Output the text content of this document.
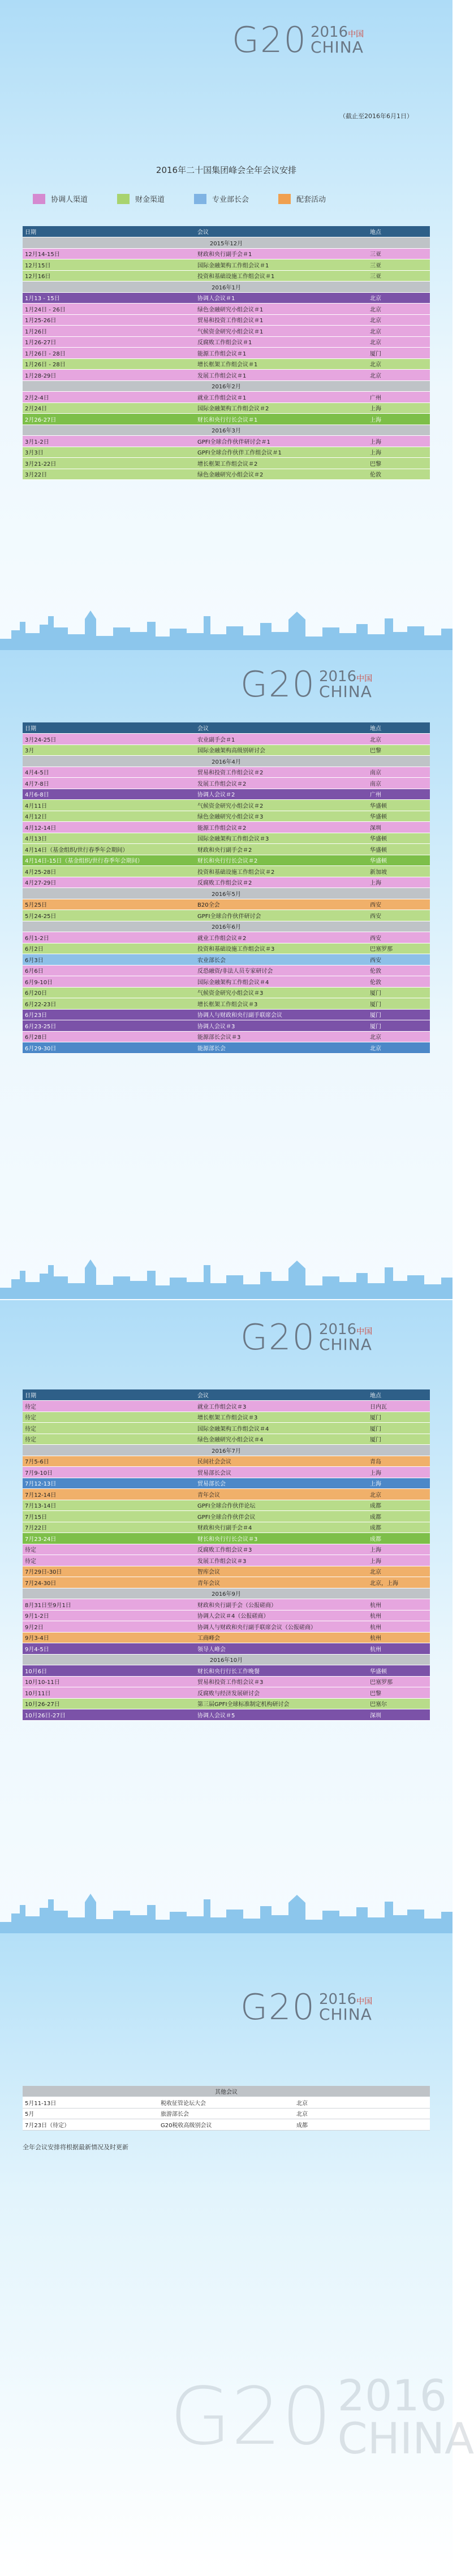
G20 2016中国
CHINA
（截止至2016年6月1日）
2016年二十国集团峰会全年会议安排
协调人渠道	财金渠道	专业部长会	配套活动
日期	会议	地点
2015年12月		
12月14-15日	财政和央行副手会＃1	三亚
12月15日	国际金融架构工作组会议＃1	三亚
12月16日	投资和基础设施工作组会议＃1	三亚
2016年1月		
1月13 - 15日	协调人会议＃1	北京
1月24日 - 26日	绿色金融研究小组会议＃1	北京
1月25-26日	贸易和投资工作组会议＃1	北京
1月26日	气候资金研究小组会议＃1	北京
1月26-27日	反腐败工作组会议＃1	北京
1月26日 - 28日	能源工作组会议＃1	厦门
1月26日 - 28日	增长框架工作组会议＃1	北京
1月28-29日	发展工作组会议＃1	北京
2016年2月		
2月2-4日	就业工作组会议＃1	广州
2月24日	国际金融架构工作组会议＃2	上海
2月26-27日	财长和央行行长会议＃1	上海
2016年3月		
3月1-2日	GPFI全球合作伙伴研讨会＃1	上海
3月3日	GPFI全球合作伙伴工作组会议＃1	上海
3月21-22日	增长框架工作组会议＃2	巴黎
3月22日	绿色金融研究小组会议＃2	伦敦
G20 2016中国
CHINA
日期	会议	地点
3月24-25日	农业副手会＃1	北京
3月	国际金融架构高级别研讨会	巴黎
2016年4月		
4月4-5日	贸易和投资工作组会议＃2	南京
4月7-8日	发展工作组会议＃2	南京
4月6-8日	协调人会议＃2	广州
4月11日	气候资金研究小组会议＃2	华盛顿
4月12日	绿色金融研究小组会议＃3	华盛顿
4月12-14日	能源工作组会议＃2	深圳
4月13日	国际金融架构工作组会议＃3	华盛顿
4月14日（基金组织/世行春季年会期间）	财政和央行副手会＃2	华盛顿
4月14日-15日（基金组织/世行春季年会期间）	财长和央行行长会议＃2	华盛顿
4月25-28日	投资和基础设施工作组会议＃2	新加坡
4月27-29日	反腐败工作组会议＃2	上海
2016年5月		
5月25日	B20全会	西安
5月24-25日	GPFI全球合作伙伴研讨会	西安
2016年6月		
6月1-2日	就业工作组会议＃2	西安
6月2日	投资和基础设施工作组会议＃3	巴塞罗那
6月3日	农业部长会	西安
6月6日	反恐融资/非法人员专家研讨会	伦敦
6月9-10日	国际金融架构工作组会议＃4	伦敦
6月20日	气候资金研究小组会议＃3	厦门
6月22-23日	增长框架工作组会议＃3	厦门
6月23日	协调人与财政和央行副手联席会议	厦门
6月23-25日	协调人会议＃3	厦门
6月28日	能源部长会议＃3	北京
6月29-30日	能源部长会	北京
G20 2016中国
CHINA
日期	会议	地点
待定	就业工作组会议＃3	日内瓦
待定	增长框架工作组会议＃3	厦门
待定	国际金融架构工作组会议＃4	厦门
待定	绿色金融研究小组会议＃4	厦门
2016年7月		
7月5-6日	民间社会会议	青岛
7月9-10日	贸易部长会议	上海
7月12-13日	贸易部长会	上海
7月12-14日	青年会议	北京
7月13-14日	GPFI全球合作伙伴论坛	成都
7月15日	GPFI全球合作伙伴会议	成都
7月22日	财政和央行副手会＃4	成都
7月23-24日	财长和央行行长会议＃3	成都
待定	反腐败工作组会议＃3	上海
待定	发展工作组会议＃3	上海
7月29日-30日	智库会议	北京
7月24-30日	青年会议	北京，上海
2016年9月		
8月31日至9月1日	财政和央行副手会（公报磋商）	杭州
9月1-2日	协调人会议＃4（公报磋商）	杭州
9月2日	协调人与财政和央行副手联席会议（公报磋商）	杭州
9月3-4日	工商峰会	杭州
9月4-5日	领导人峰会	杭州
2016年10月		
10月6日	财长和央行行长工作晚餐	华盛顿
10月10-11日	贸易和投资工作组会议＃3	巴塞罗那
10月11日	反腐败与经济发展研讨会	巴黎
10月26-27日	第三届GPFI全球标准制定机构研讨会	巴塞尔
10月26日-27日	协调人会议＃5	深圳
G20 2016中国
CHINA
其他会议		
5月11-13日	税收征管论坛大会	北京
5月	旅游部长会	北京
7月23日（待定）	G20税收高级别会议	成都
全年会议安排将根据最新情况及时更新
G20 2016
CHINA
